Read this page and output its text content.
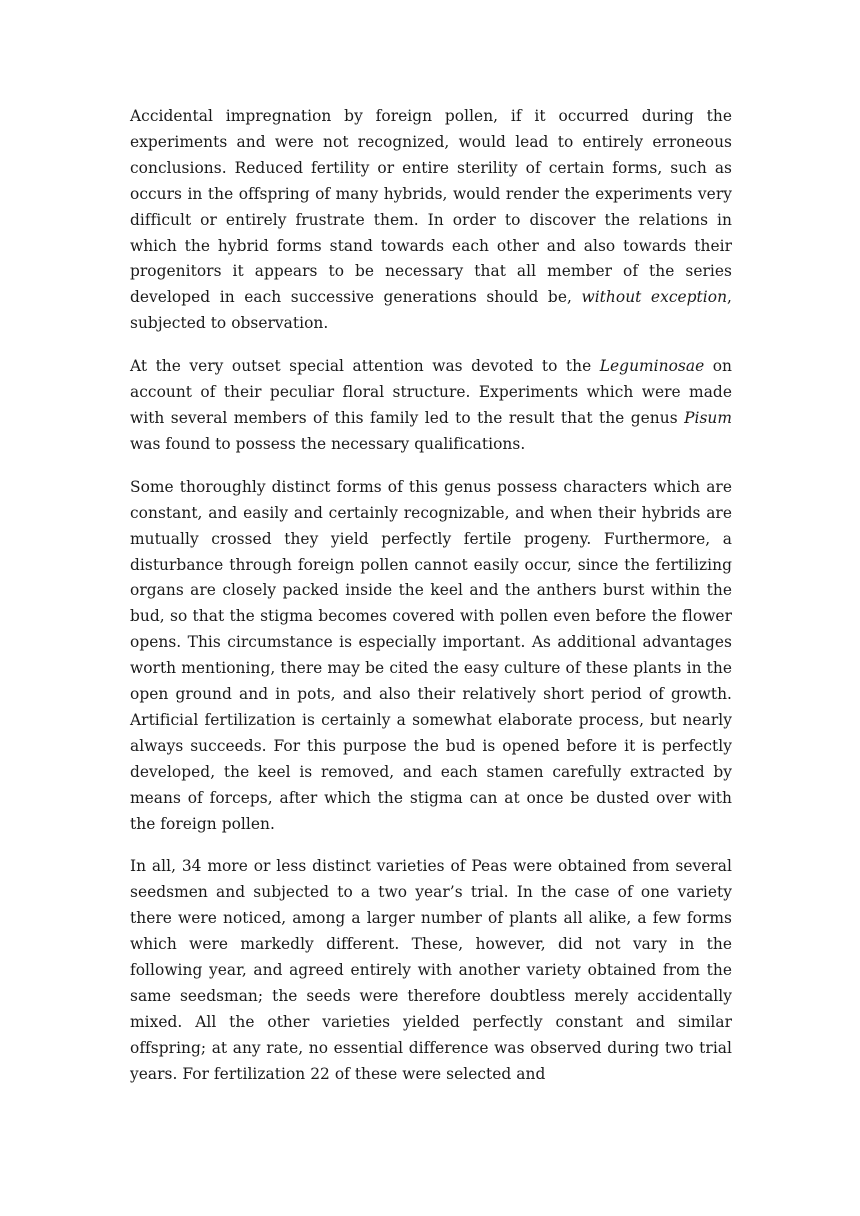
Accidental impregnation by foreign pollen, if it occurred during the experiments and were not recognized, would lead to entirely erroneous conclusions. Reduced fertility or entire sterility of certain forms, such as occurs in the offspring of many hybrids, would render the experiments very difficult or entirely frustrate them. In order to discover the relations in which the hybrid forms stand towards each other and also towards their progenitors it appears to be necessary that all member of the series developed in each successive generations should be, without exception, subjected to observation.

At the very outset special attention was devoted to the Leguminosae on account of their peculiar floral structure. Experiments which were made with several members of this family led to the result that the genus Pisum was found to possess the necessary qualifications.

Some thoroughly distinct forms of this genus possess characters which are constant, and easily and certainly recognizable, and when their hybrids are mutually crossed they yield perfectly fertile progeny. Furthermore, a disturbance through foreign pollen cannot easily occur, since the fertilizing organs are closely packed inside the keel and the anthers burst within the bud, so that the stigma becomes covered with pollen even before the flower opens. This circumstance is especially important. As additional advantages worth mentioning, there may be cited the easy culture of these plants in the open ground and in pots, and also their relatively short period of growth. Artificial fertilization is certainly a somewhat elaborate process, but nearly always succeeds. For this purpose the bud is opened before it is perfectly developed, the keel is removed, and each stamen carefully extracted by means of forceps, after which the stigma can at once be dusted over with the foreign pollen.

In all, 34 more or less distinct varieties of Peas were obtained from several seedsmen and subjected to a two year’s trial. In the case of one variety there were noticed, among a larger number of plants all alike, a few forms which were markedly different. These, however, did not vary in the following year, and agreed entirely with another variety obtained from the same seedsman; the seeds were therefore doubtless merely accidentally mixed. All the other varieties yielded perfectly constant and similar offspring; at any rate, no essential difference was observed during two trial years. For fertilization 22 of these were selected and
